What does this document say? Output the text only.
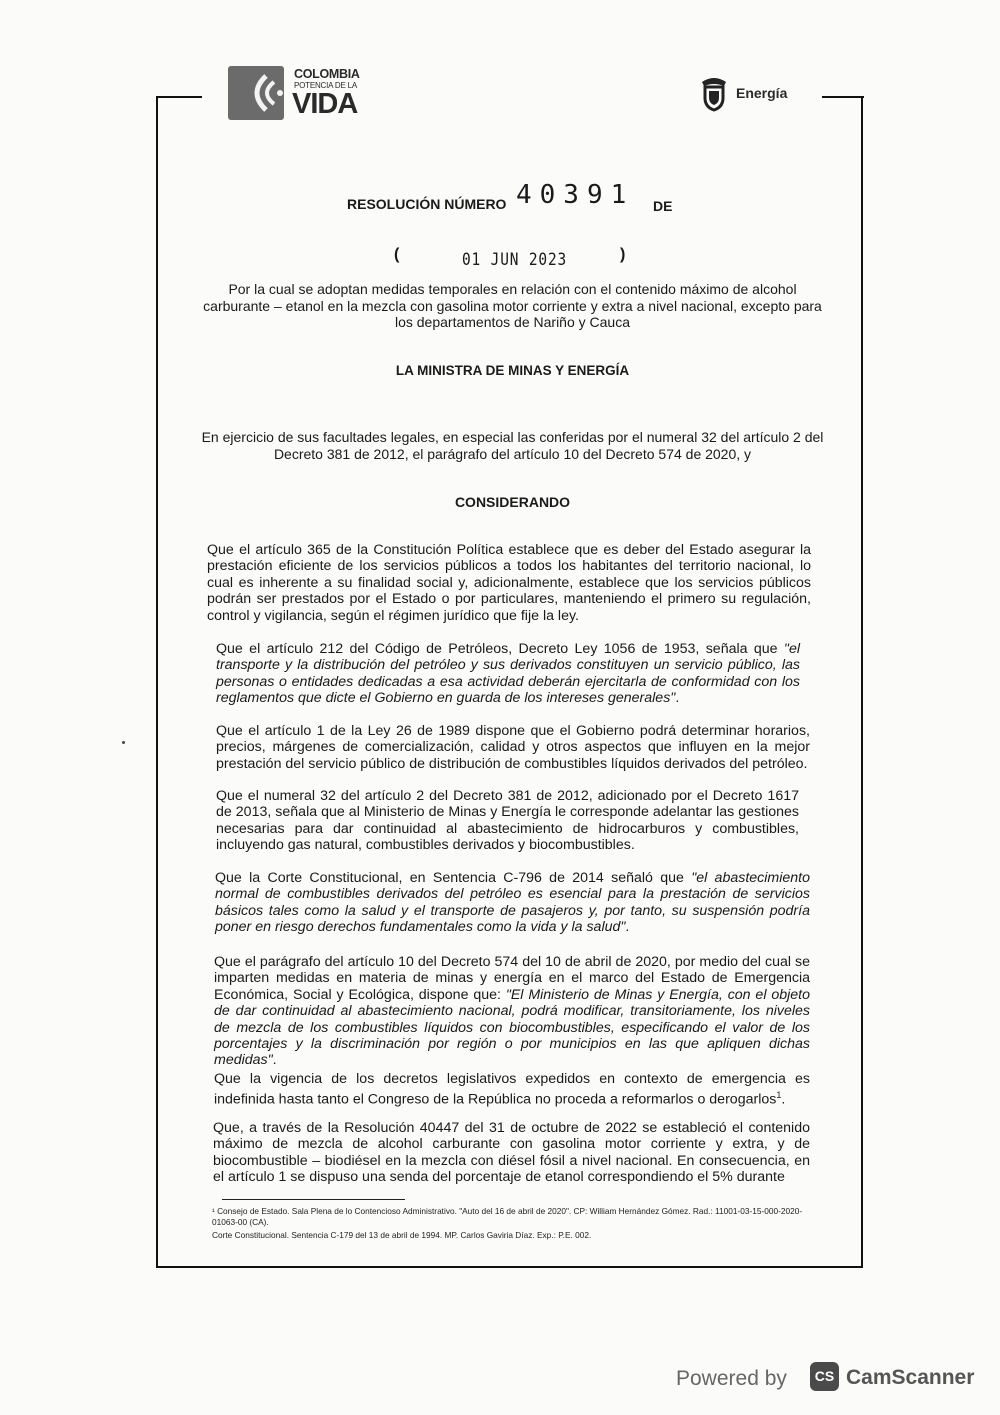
COLOMBIA
POTENCIA DE LA
VIDA	Energía
RESOLUCIÓN NÚMERO 40391 DE
(	01 JUN 2023	)
Por la cual se adoptan medidas temporales en relación con el contenido máximo de alcohol carburante – etanol en la mezcla con gasolina motor corriente y extra a nivel nacional, excepto para los departamentos de Nariño y Cauca
LA MINISTRA DE MINAS Y ENERGÍA
En ejercicio de sus facultades legales, en especial las conferidas por el numeral 32 del artículo 2 del Decreto 381 de 2012, el parágrafo del artículo 10 del Decreto 574 de 2020, y
CONSIDERANDO
Que el artículo 365 de la Constitución Política establece que es deber del Estado asegurar la prestación eficiente de los servicios públicos a todos los habitantes del territorio nacional, lo cual es inherente a su finalidad social y, adicionalmente, establece que los servicios públicos podrán ser prestados por el Estado o por particulares, manteniendo el primero su regulación, control y vigilancia, según el régimen jurídico que fije la ley.
Que el artículo 212 del Código de Petróleos, Decreto Ley 1056 de 1953, señala que "el transporte y la distribución del petróleo y sus derivados constituyen un servicio público, las personas o entidades dedicadas a esa actividad deberán ejercitarla de conformidad con los reglamentos que dicte el Gobierno en guarda de los intereses generales".
Que el artículo 1 de la Ley 26 de 1989 dispone que el Gobierno podrá determinar horarios, precios, márgenes de comercialización, calidad y otros aspectos que influyen en la mejor prestación del servicio público de distribución de combustibles líquidos derivados del petróleo.
Que el numeral 32 del artículo 2 del Decreto 381 de 2012, adicionado por el Decreto 1617 de 2013, señala que al Ministerio de Minas y Energía le corresponde adelantar las gestiones necesarias para dar continuidad al abastecimiento de hidrocarburos y combustibles, incluyendo gas natural, combustibles derivados y biocombustibles.
Que la Corte Constitucional, en Sentencia C-796 de 2014 señaló que "el abastecimiento normal de combustibles derivados del petróleo es esencial para la prestación de servicios básicos tales como la salud y el transporte de pasajeros y, por tanto, su suspensión podría poner en riesgo derechos fundamentales como la vida y la salud".
Que el parágrafo del artículo 10 del Decreto 574 del 10 de abril de 2020, por medio del cual se imparten medidas en materia de minas y energía en el marco del Estado de Emergencia Económica, Social y Ecológica, dispone que: "El Ministerio de Minas y Energía, con el objeto de dar continuidad al abastecimiento nacional, podrá modificar, transitoriamente, los niveles de mezcla de los combustibles líquidos con biocombustibles, especificando el valor de los porcentajes y la discriminación por región o por municipios en las que apliquen dichas medidas".
Que la vigencia de los decretos legislativos expedidos en contexto de emergencia es indefinida hasta tanto el Congreso de la República no proceda a reformarlos o derogarlos$^1$.
Que, a través de la Resolución 40447 del 31 de octubre de 2022 se estableció el contenido máximo de mezcla de alcohol carburante con gasolina motor corriente y extra, y de biocombustible – biodiésel en la mezcla con diésel fósil a nivel nacional. En consecuencia, en el artículo 1 se dispuso una senda del porcentaje de etanol correspondiendo el 5% durante
¹ Consejo de Estado. Sala Plena de lo Contencioso Administrativo. "Auto del 16 de abril de 2020". CP: William Hernández Gómez. Rad.: 11001-03-15-000-2020-01063-00 (CA).
Corte Constitucional. Sentencia C-179 del 13 de abril de 1994. MP. Carlos Gaviria Díaz. Exp.: P.E. 002.
Powered by	CS CamScanner
